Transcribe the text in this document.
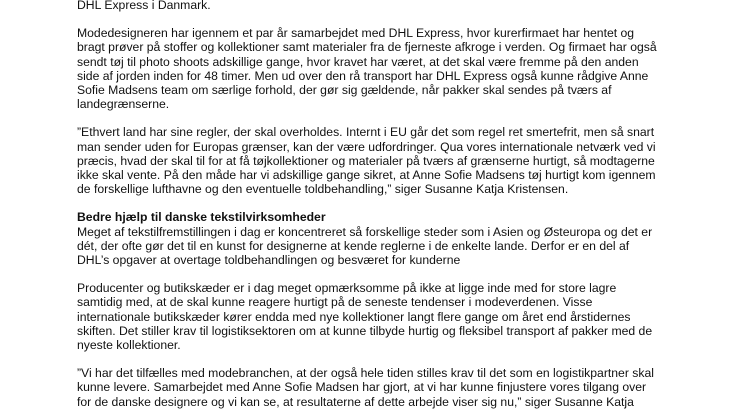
DHL Express i Danmark.

Modedesigneren har igennem et par år samarbejdet med DHL Express, hvor kurerfirmaet har hentet og
bragt prøver på stoffer og kollektioner samt materialer fra de fjerneste afkroge i verden. Og firmaet har også
sendt tøj til photo shoots adskillige gange, hvor kravet har været, at det skal være fremme på den anden
side af jorden inden for 48 timer. Men ud over den rå transport har DHL Express også kunne rådgive Anne
Sofie Madsens team om særlige forhold, der gør sig gældende, når pakker skal sendes på tværs af
landegrænserne.

”Ethvert land har sine regler, der skal overholdes. Internt i EU går det som regel ret smertefrit, men så snart
man sender uden for Europas grænser, kan der være udfordringer. Qua vores internationale netværk ved vi
præcis, hvad der skal til for at få tøjkollektioner og materialer på tværs af grænserne hurtigt, så modtagerne
ikke skal vente. På den måde har vi adskillige gange sikret, at Anne Sofie Madsens tøj hurtigt kom igennem
de forskellige lufthavne og den eventuelle toldbehandling,” siger Susanne Katja Kristensen.

Bedre hjælp til danske tekstilvirksomheder

Meget af tekstilfremstillingen i dag er koncentreret så forskellige steder som i Asien og Østeuropa og det er
dét, der ofte gør det til en kunst for designerne at kende reglerne i de enkelte lande. Derfor er en del af
DHL’s opgaver at overtage toldbehandlingen og besværet for kunderne

Producenter og butikskæder er i dag meget opmærksomme på ikke at ligge inde med for store lagre
samtidig med, at de skal kunne reagere hurtigt på de seneste tendenser i modeverdenen. Visse
internationale butikskæder kører endda med nye kollektioner langt flere gange om året end årstidernes
skiften. Det stiller krav til logistiksektoren om at kunne tilbyde hurtig og fleksibel transport af pakker med de
nyeste kollektioner.

”Vi har det tilfælles med modebranchen, at der også hele tiden stilles krav til det som en logistikpartner skal
kunne levere. Samarbejdet med Anne Sofie Madsen har gjort, at vi har kunne finjustere vores tilgang over
for de danske designere og vi kan se, at resultaterne af dette arbejde viser sig nu,” siger Susanne Katja
